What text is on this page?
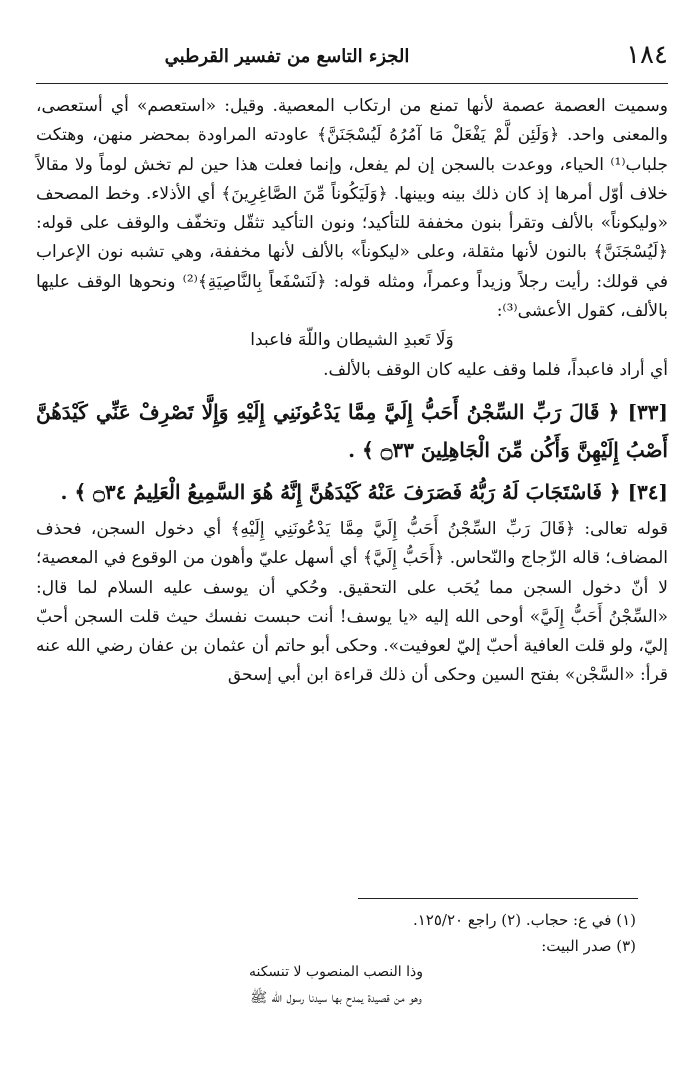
١٨٤
الجزء التاسع من تفسير القرطبي

وسميت العصمة عصمة لأنها تمنع من ارتكاب المعصية. وقيل: «استعصم» أي أستعصى، والمعنى واحد. ﴿وَلَئِن لَّمْ يَفْعَلْ مَا آمُرُهُ لَيُسْجَنَنَّ﴾ عاودته المراودة بمحضر منهن، وهتكت جلباب⁽¹⁾ الحياء، ووعدت بالسجن إن لم يفعل، وإنما فعلت هذا حين لم تخش لوماً ولا مقالاً خلاف أوّل أمرها إذ كان ذلك بينه وبينها. ﴿وَلَيَكُوناً مِّنَ الصَّاغِرِينَ﴾ أي الأذلاء. وخط المصحف «وليكوناً» بالألف وتقرأ بنون مخففة للتأكيد؛ ونون التأكيد تثقّل وتخفّف والوقف على قوله: ﴿لَيُسْجَنَنَّ﴾ بالنون لأنها مثقلة، وعلى «ليكوناً» بالألف لأنها مخففة، وهي تشبه نون الإعراب في قولك: رأيت رجلاً وزيداً وعمراً، ومثله قوله: ﴿لَنَسْفَعاً بِالنَّاصِيَةِ﴾⁽²⁾ ونحوها الوقف عليها بالألف، كقول الأعشى⁽³⁾:

وَلَا تَعبدِ الشيطان واللّهَ فاعبدا

أي أراد فاعبداً، فلما وقف عليه كان الوقف بالألف.

[٣٣] ﴿ قَالَ رَبِّ السِّجْنُ أَحَبُّ إِلَيَّ مِمَّا يَدْعُونَنِي إِلَيْهِ وَإِلَّا تَصْرِفْ عَنِّي كَيْدَهُنَّ أَصْبُ إِلَيْهِنَّ وَأَكُن مِّنَ الْجَاهِلِينَ ۝٣٣ ﴾ .

[٣٤] ﴿ فَاسْتَجَابَ لَهُ رَبُّهُ فَصَرَفَ عَنْهُ كَيْدَهُنَّ إِنَّهُ هُوَ السَّمِيعُ الْعَلِيمُ ۝٣٤ ﴾ .

قوله تعالى: ﴿قَالَ رَبِّ السِّجْنُ أَحَبُّ إِلَيَّ مِمَّا يَدْعُونَنِي إِلَيْهِ﴾ أي دخول السجن، فحذف المضاف؛ قاله الزّجاج والنّحاس. ﴿أَحَبُّ إِلَيَّ﴾ أي أسهل عليّ وأهون من الوقوع في المعصية؛ لا أنّ دخول السجن مما يُحَب على التحقيق. وحُكي أن يوسف عليه السلام لما قال: «السِّجْنُ أَحَبُّ إِلَيَّ» أوحى الله إليه «يا يوسف! أنت حبست نفسك حيث قلت السجن أحبّ إليّ، ولو قلت العافية أحبّ إليّ لعوفيت». وحكى أبو حاتم أن عثمان بن عفان رضي الله عنه قرأ: «السَّجْن» بفتح السين وحكى أن ذلك قراءة ابن أبي إسحق

(١) في ع: حجاب. (٢) راجع ١٢٥/٢٠.

(٣) صدر البيت:

وذا النصب المنصوب لا تنسكنه

وهو من قصيدة يمدح بها سيدنا رسول الله ﷺ
